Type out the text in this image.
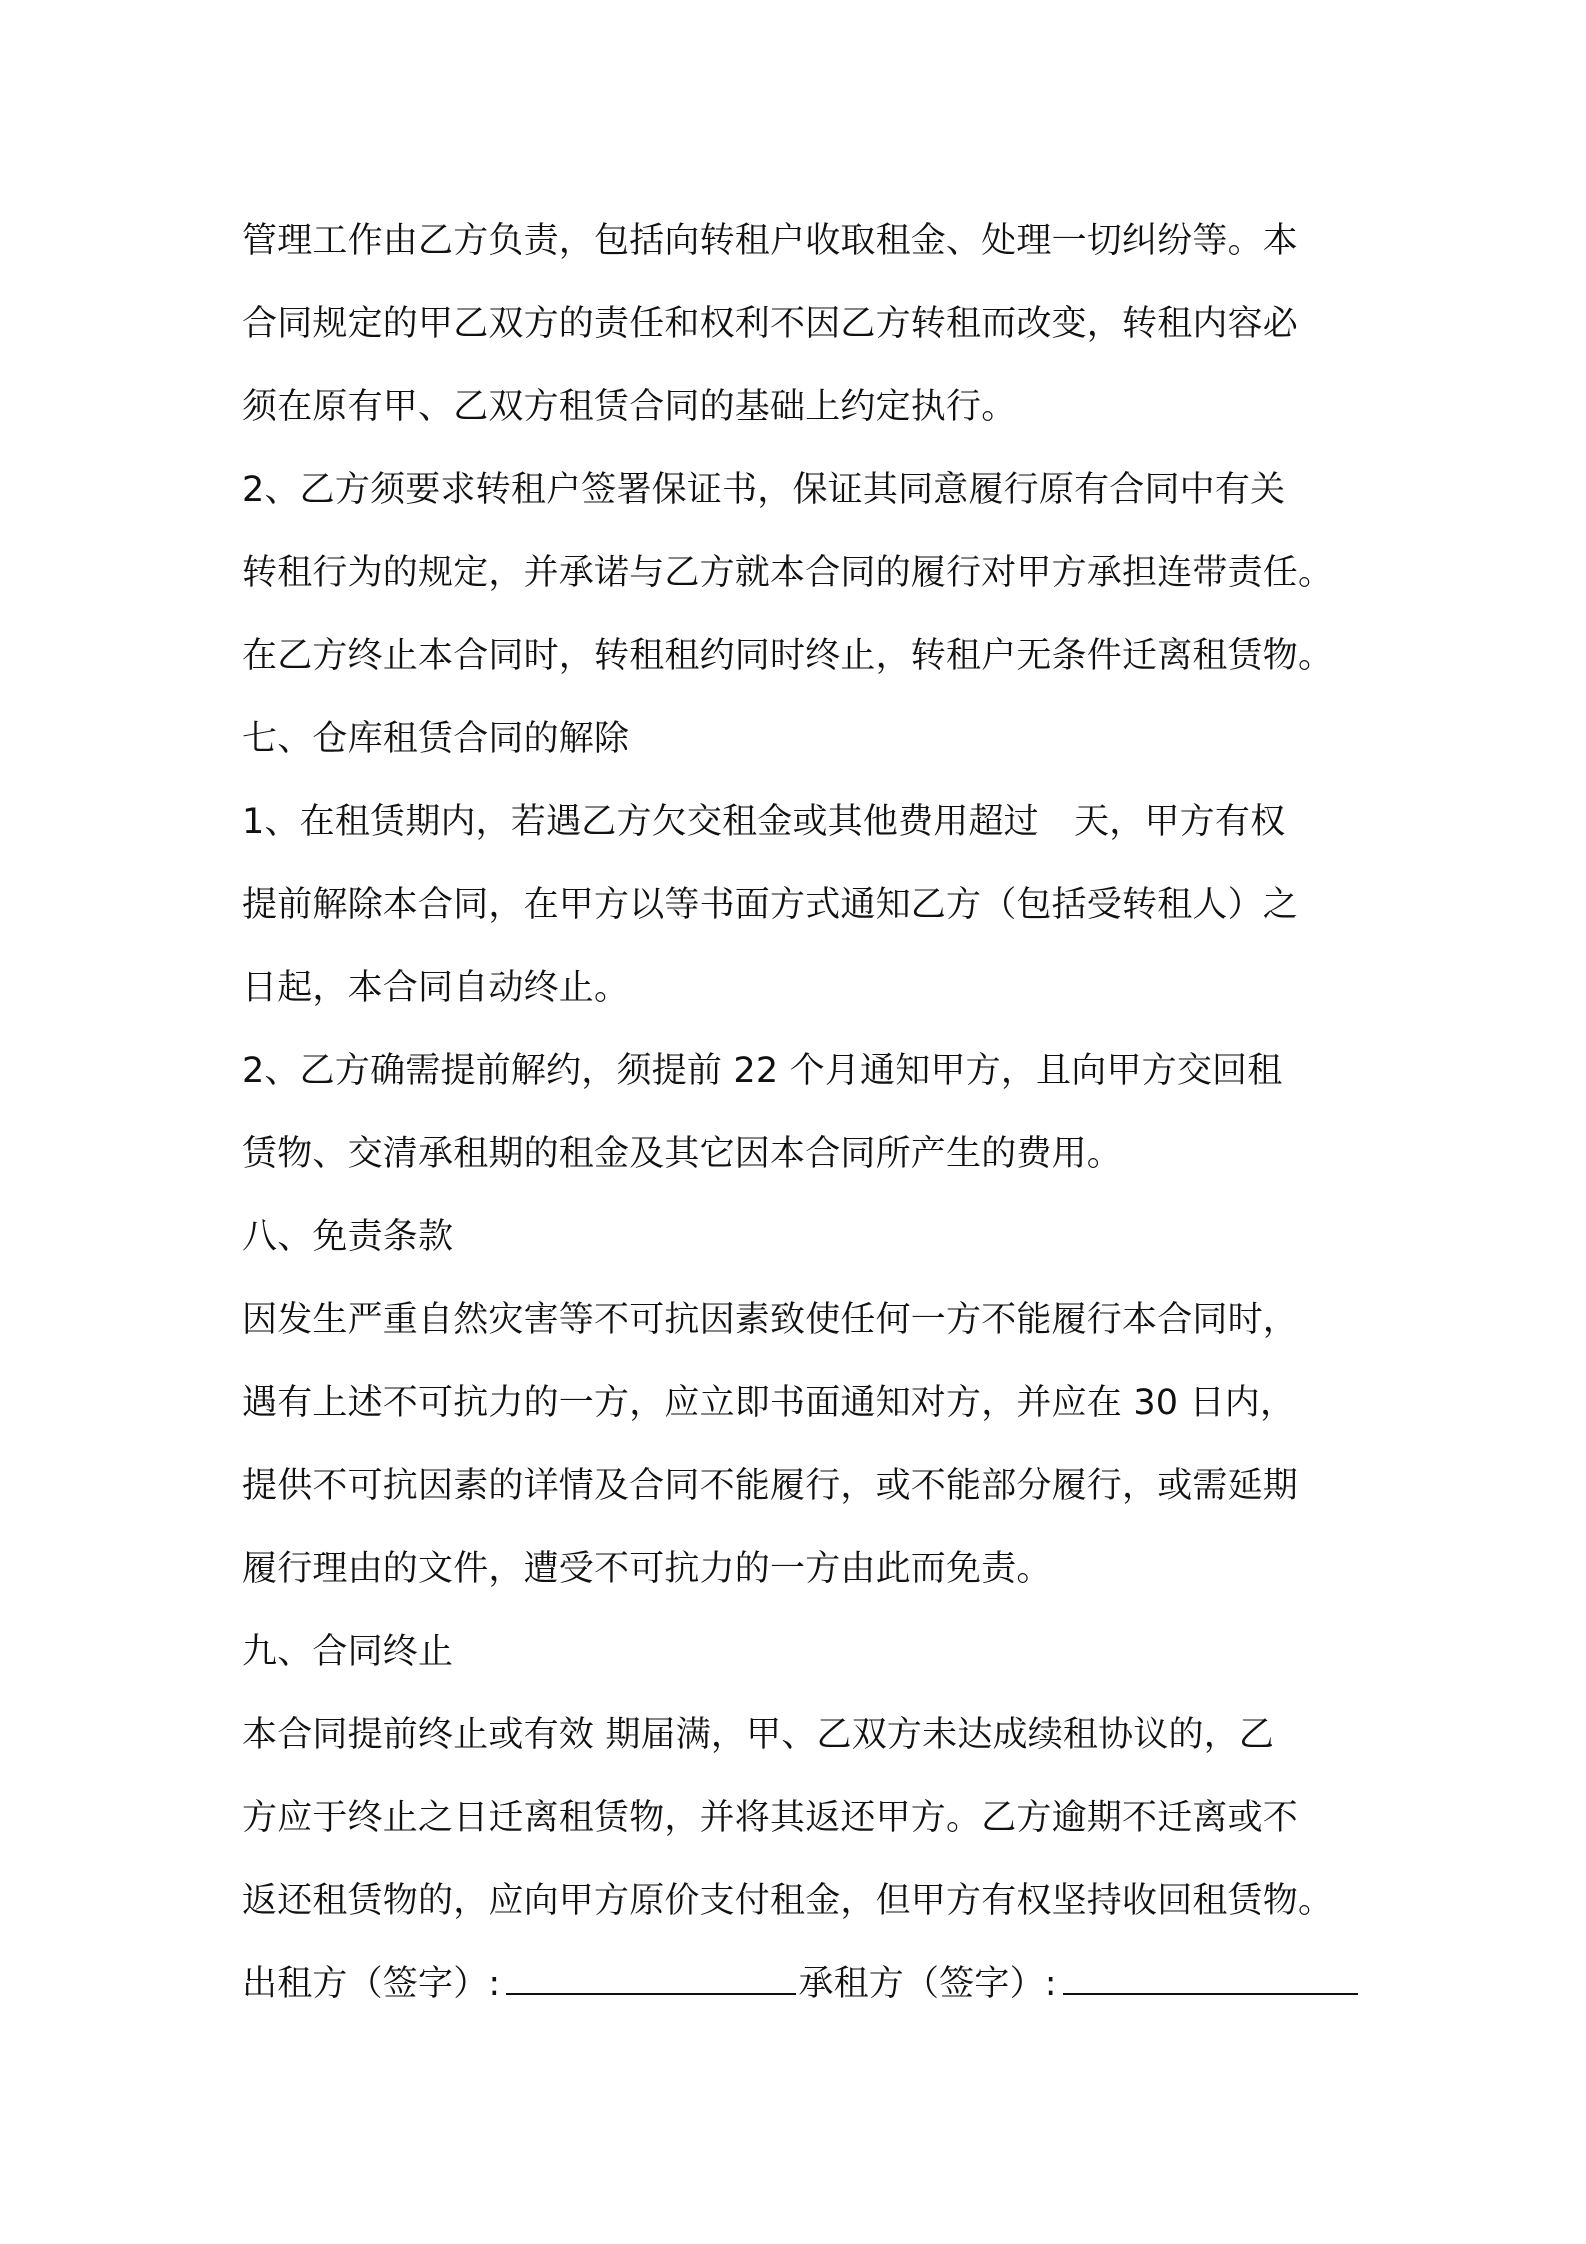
管理工作由乙方负责，包括向转租户收取租金、处理一切纠纷等。本
合同规定的甲乙双方的责任和权利不因乙方转租而改变，转租内容必
须在原有甲、乙双方租赁合同的基础上约定执行。
2、乙方须要求转租户签署保证书，保证其同意履行原有合同中有关
转租行为的规定，并承诺与乙方就本合同的履行对甲方承担连带责任。
在乙方终止本合同时，转租租约同时终止，转租户无条件迁离租赁物。
七、仓库租赁合同的解除
1、在租赁期内，若遇乙方欠交租金或其他费用超过　天，甲方有权
提前解除本合同，在甲方以等书面方式通知乙方（包括受转租人）之
日起，本合同自动终止。
2、乙方确需提前解约，须提前 22 个月通知甲方，且向甲方交回租
赁物、交清承租期的租金及其它因本合同所产生的费用。
八、免责条款
因发生严重自然灾害等不可抗因素致使任何一方不能履行本合同时，
遇有上述不可抗力的一方，应立即书面通知对方，并应在 30 日内，
提供不可抗因素的详情及合同不能履行，或不能部分履行，或需延期
履行理由的文件，遭受不可抗力的一方由此而免责。
九、合同终止
本合同提前终止或有效 期届满，甲、乙双方未达成续租协议的，乙
方应于终止之日迁离租赁物，并将其返还甲方。乙方逾期不迁离或不
返还租赁物的，应向甲方原价支付租金，但甲方有权坚持收回租赁物。
出租方（签字）:	承租方（签字）:
